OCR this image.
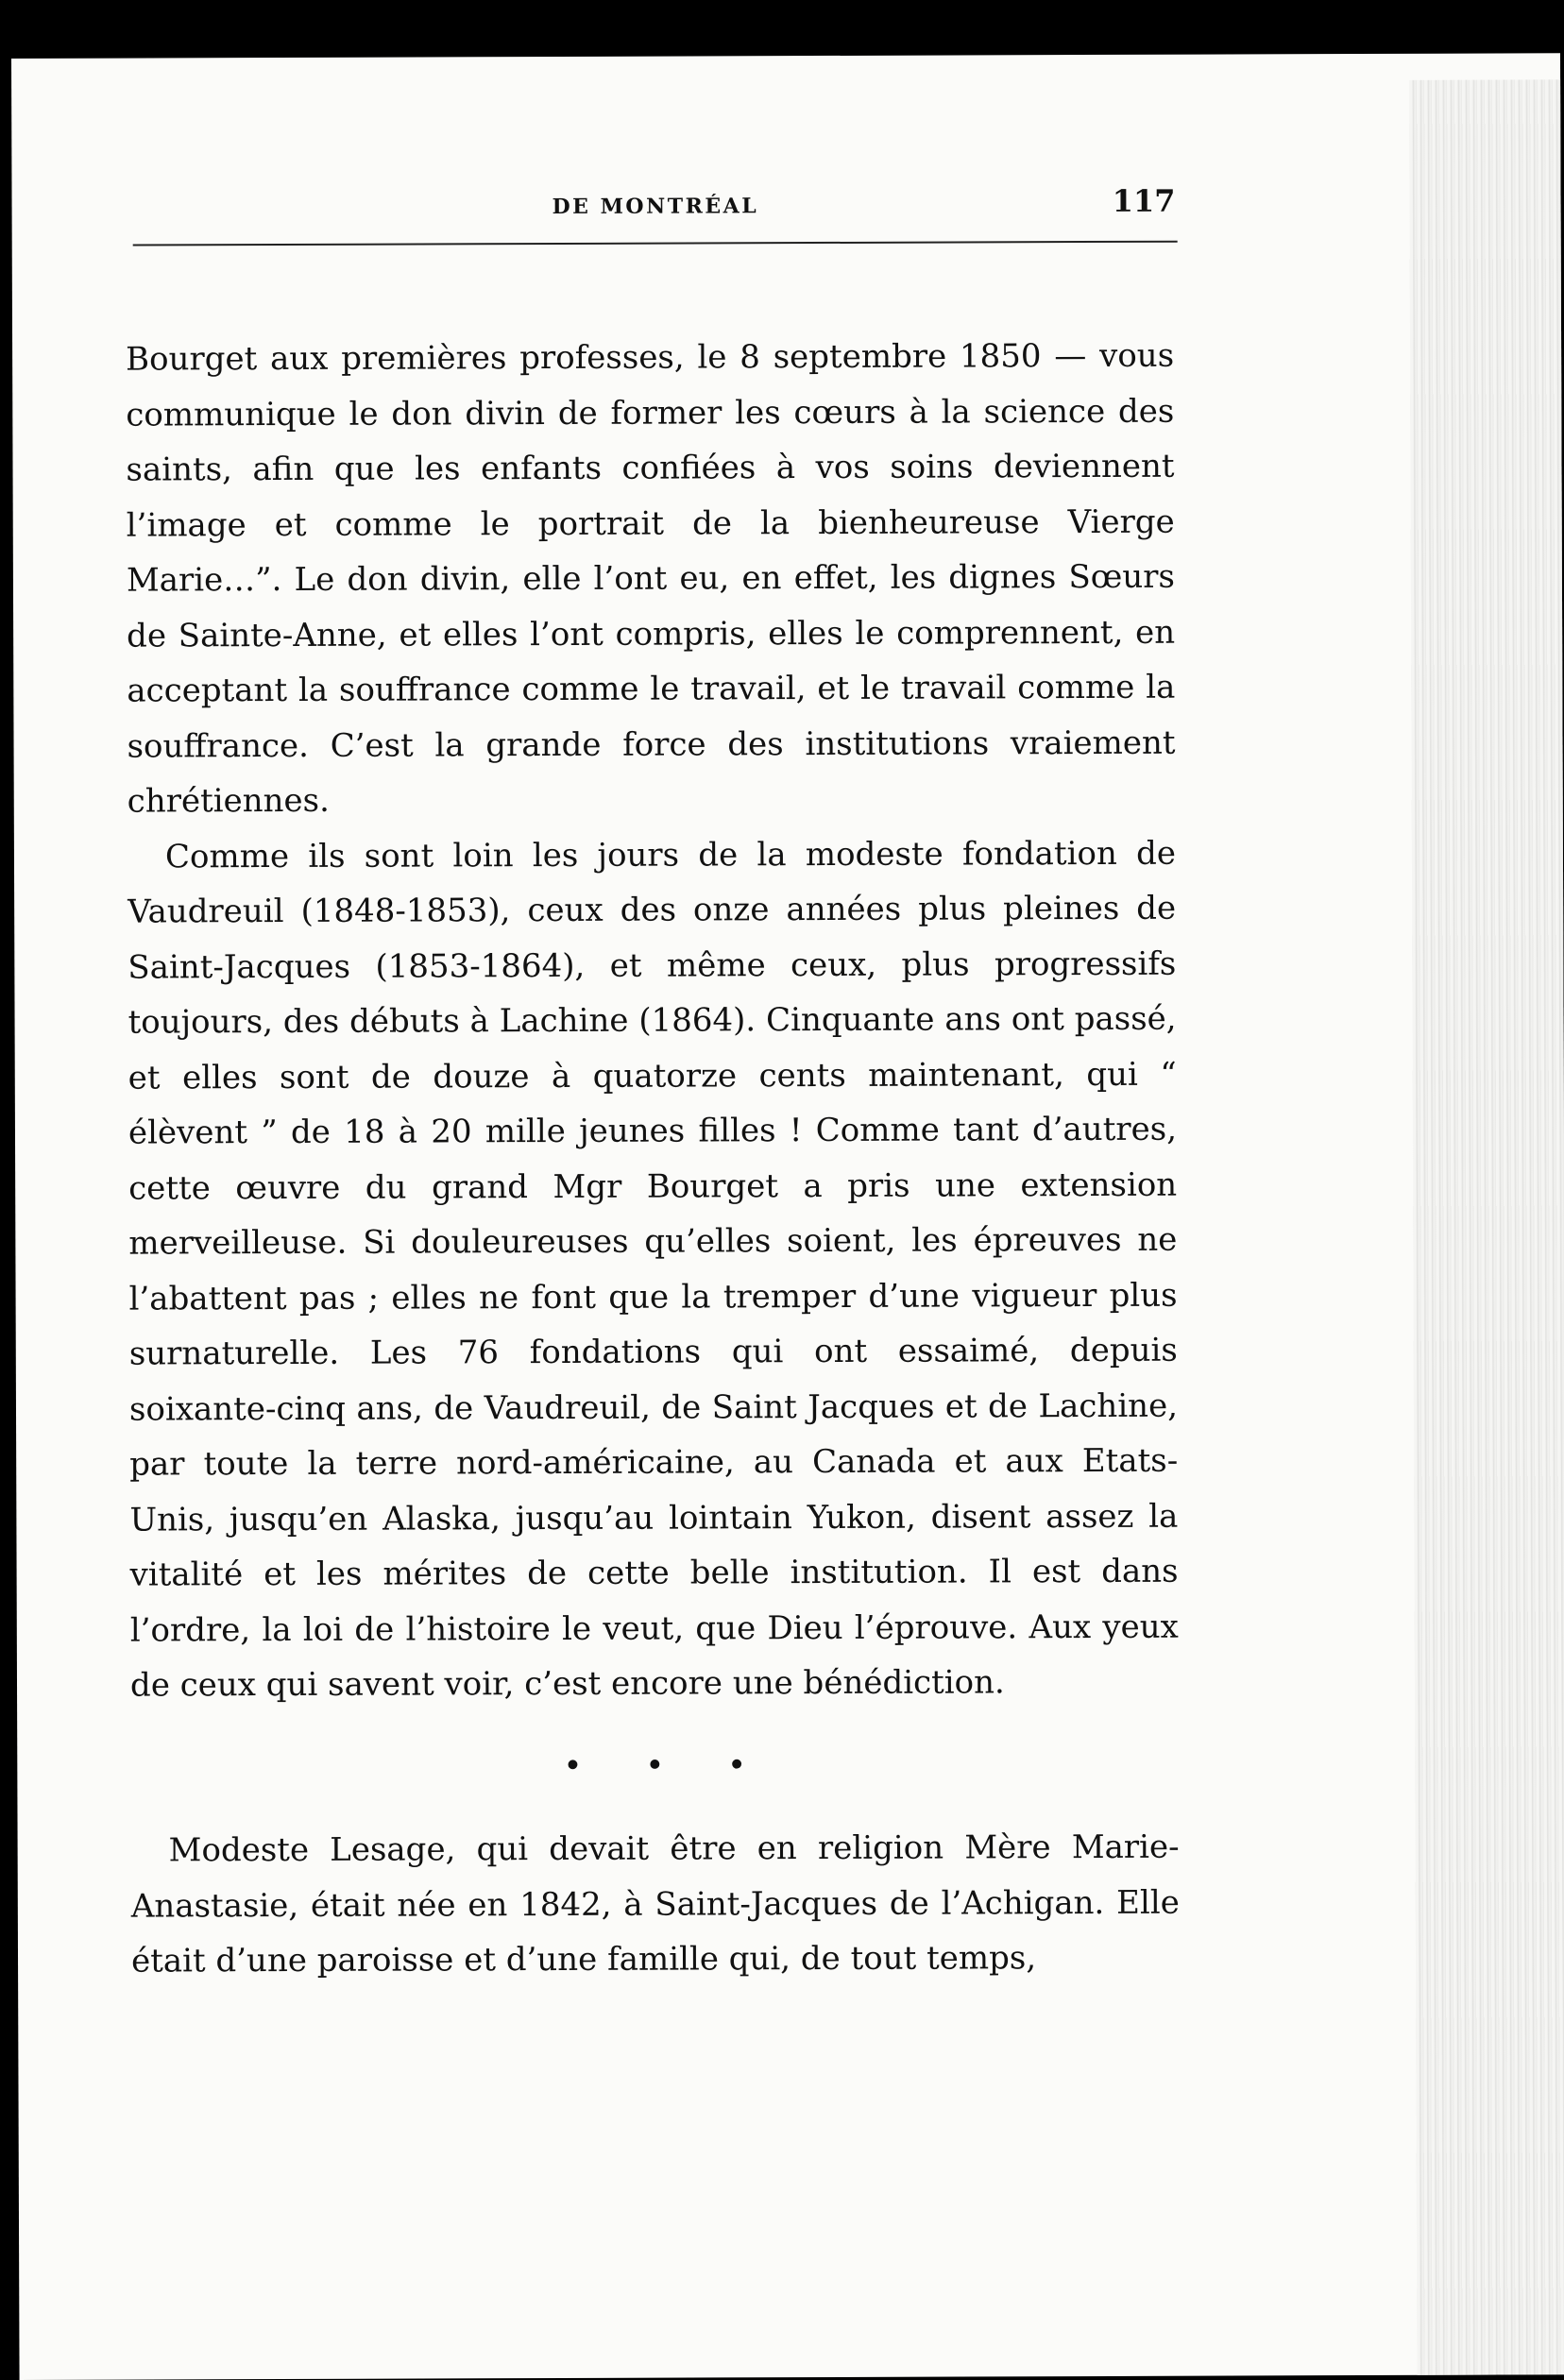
DE MONTRÉAL	117

Bourget aux premières professes, le 8 septembre 1850 — vous communique le don divin de former les cœurs à la science des saints, afin que les enfants confiées à vos soins deviennent l’image et comme le portrait de la bienheureuse Vierge Marie…”. Le don divin, elle l’ont eu, en effet, les dignes Sœurs de Sainte-Anne, et elles l’ont compris, elles le comprennent, en acceptant la souffrance comme le travail, et le travail comme la souffrance. C’est la grande force des institutions vraiement chrétiennes.

Comme ils sont loin les jours de la modeste fondation de Vaudreuil (1848-1853), ceux des onze années plus pleines de Saint-Jacques (1853-1864), et même ceux, plus progressifs toujours, des débuts à Lachine (1864). Cinquante ans ont passé, et elles sont de douze à quatorze cents maintenant, qui “ élèvent ” de 18 à 20 mille jeunes filles ! Comme tant d’autres, cette œuvre du grand Mgr Bourget a pris une extension merveilleuse. Si douleureuses qu’elles soient, les épreuves ne l’abattent pas ; elles ne font que la tremper d’une vigueur plus surnaturelle. Les 76 fondations qui ont essaimé, depuis soixante-cinq ans, de Vaudreuil, de Saint Jacques et de Lachine, par toute la terre nord-américaine, au Canada et aux Etats-Unis, jusqu’en Alaska, jusqu’au lointain Yukon, disent assez la vitalité et les mérites de cette belle institution. Il est dans l’ordre, la loi de l’histoire le veut, que Dieu l’éprouve. Aux yeux de ceux qui savent voir, c’est encore une bénédiction.

• • •

Modeste Lesage, qui devait être en religion Mère Marie-Anastasie, était née en 1842, à Saint-Jacques de l’Achigan. Elle était d’une paroisse et d’une famille qui, de tout temps,
